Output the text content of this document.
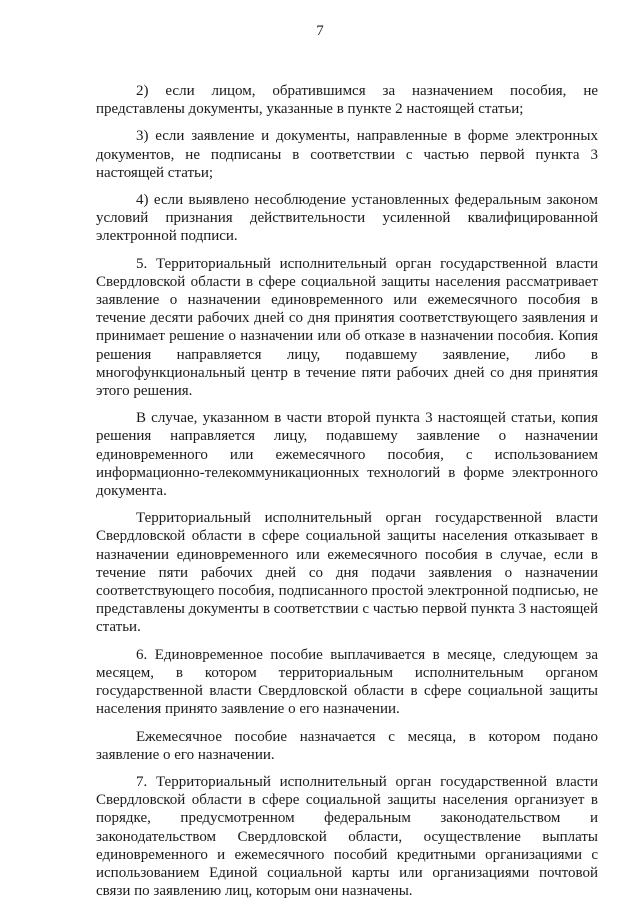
7

2) если лицом, обратившимся за назначением пособия, не представлены документы, указанные в пункте 2 настоящей статьи;

3) если заявление и документы, направленные в форме электронных документов, не подписаны в соответствии с частью первой пункта 3 настоящей статьи;

4) если выявлено несоблюдение установленных федеральным законом условий признания действительности усиленной квалифицированной электронной подписи.

5. Территориальный исполнительный орган государственной власти Свердловской области в сфере социальной защиты населения рассматривает заявление о назначении единовременного или ежемесячного пособия в течение десяти рабочих дней со дня принятия соответствующего заявления и принимает решение о назначении или об отказе в назначении пособия. Копия решения направляется лицу, подавшему заявление, либо в многофункциональный центр в течение пяти рабочих дней со дня принятия этого решения.

В случае, указанном в части второй пункта 3 настоящей статьи, копия решения направляется лицу, подавшему заявление о назначении единовременного или ежемесячного пособия, с использованием информационно-телекоммуникационных технологий в форме электронного документа.

Территориальный исполнительный орган государственной власти Свердловской области в сфере социальной защиты населения отказывает в назначении единовременного или ежемесячного пособия в случае, если в течение пяти рабочих дней со дня подачи заявления о назначении соответствующего пособия, подписанного простой электронной подписью, не представлены документы в соответствии с частью первой пункта 3 настоящей статьи.

6. Единовременное пособие выплачивается в месяце, следующем за месяцем, в котором территориальным исполнительным органом государственной власти Свердловской области в сфере социальной защиты населения принято заявление о его назначении.

Ежемесячное пособие назначается с месяца, в котором подано заявление о его назначении.

7. Территориальный исполнительный орган государственной власти Свердловской области в сфере социальной защиты населения организует в порядке, предусмотренном федеральным законодательством и законодательством Свердловской области, осуществление выплаты единовременного и ежемесячного пособий кредитными организациями с использованием Единой социальной карты или организациями почтовой связи по заявлению лиц, которым они назначены.
